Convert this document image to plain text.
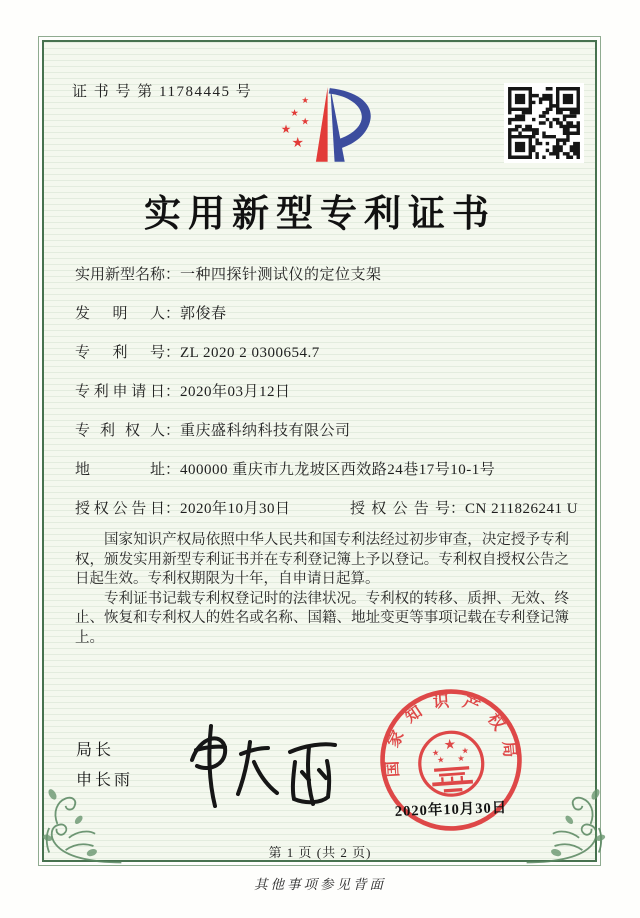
证 书 号 第 11784445 号
★
★
★
★
★
实用新型专利证书
实用新型名称：一种四探针测试仪的定位支架
发明人：郭俊春
专利号：ZL 2020 2 0300654.7
专利申请日：2020年03月12日
专利权人：重庆盛科纳科技有限公司
地址：400000 重庆市九龙坡区西效路24巷17号10-1号
授权公告日：2020年10月30日	授权公告号：CN 211826241 U

国家知识产权局依照中华人民共和国专利法经过初步审查，决定授予专利权，颁发实用新型专利证书并在专利登记簿上予以登记。专利权自授权公告之日起生效。专利权期限为十年，自申请日起算。

专利证书记载专利权登记时的法律状况。专利权的转移、质押、无效、终止、恢复和专利权人的姓名或名称、国籍、地址变更等事项记载在专利登记簿上。

局长
申长雨
国家知识产权局
★
★ ★
★ ★
2020年10月30日
第 1 页 (共 2 页)
其他事项参见背面
